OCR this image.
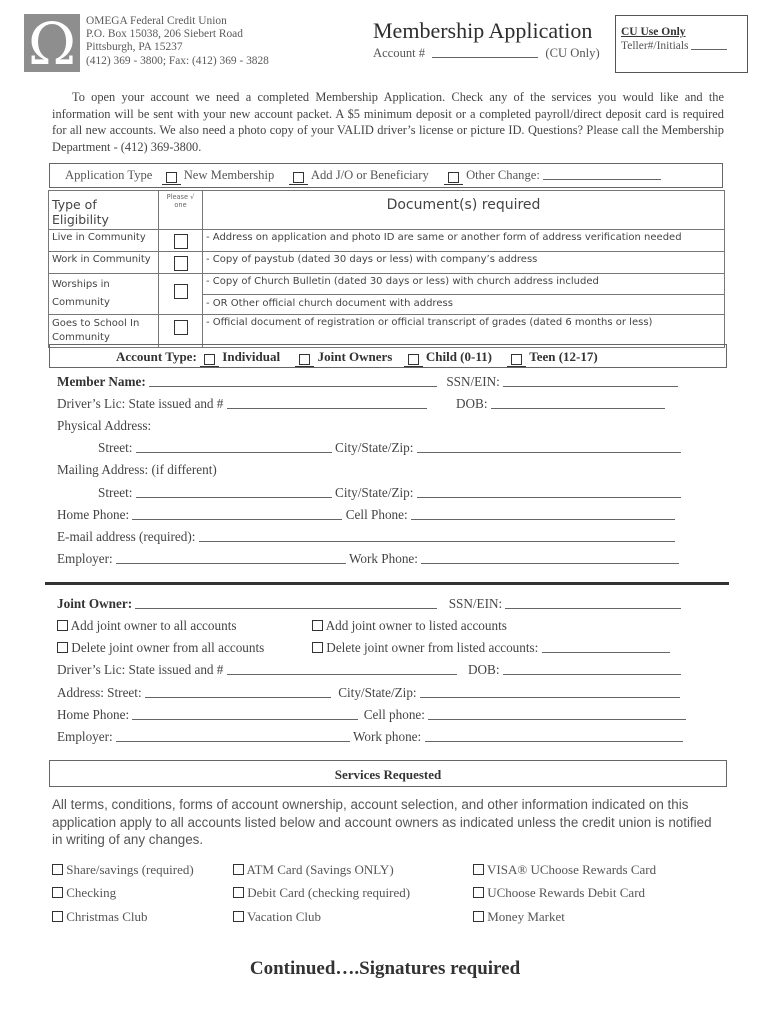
Ω OMEGA Federal Credit Union
P.O. Box 15038, 206 Siebert Road
Pittsburgh, PA 15237
(412) 369 - 3800; Fax: (412) 369 - 3828
Membership Application
Account #	(CU Only)
CU Use Only
Teller#/Initials
To open your account we need a completed Membership Application. Check any of the services you would like and the information will be sent with your new account packet. A $5 minimum deposit or a completed payroll/direct deposit card is required for all new accounts. We also need a photo copy of your VALID driver’s license or picture ID. Questions? Please call the Membership Department - (412) 369-3800.
Application Type New Membership	Add J/O or Beneficiary	Other Change:
Type of Eligibility	Please √ one	Document(s) required
Live in Community		- Address on application and photo ID are same or another form of address verification needed
Work in Community		- Copy of paystub (dated 30 days or less) with company’s address
Worships in Community		- Copy of Church Bulletin (dated 30 days or less) with church address included
- OR Other official church document with address

Goes to School In Community		- Official document of registration or official transcript of grades (dated 6 months or less)
Account Type: Individual	Joint Owners	Child (0-11)	Teen (12-17)
Member Name:	SSN/EIN:
Driver’s Lic: State issued and #	DOB:
Physical Address:
Street:	City/State/Zip:
Mailing Address: (if different)
Street:	City/State/Zip:
Home Phone:	Cell Phone:
E-mail address (required):
Employer:	Work Phone:
Joint Owner:	SSN/EIN:
Add joint owner to all accounts	Add joint owner to listed accounts
Delete joint owner from all accounts	Delete joint owner from listed accounts:
Driver’s Lic: State issued and #	DOB:
Address: Street:	City/State/Zip:
Home Phone:	Cell phone:
Employer:	Work phone:
Services Requested
All terms, conditions, forms of account ownership, account selection, and other information indicated on this application apply to all accounts listed below and account owners as indicated unless the credit union is notified in writing of any changes.
Share/savings (required)	ATM Card (Savings ONLY)	VISA® UChoose Rewards Card
Checking	Debit Card (checking required)	UChoose Rewards Debit Card
Christmas Club	Vacation Club	Money Market
Continued….Signatures required
